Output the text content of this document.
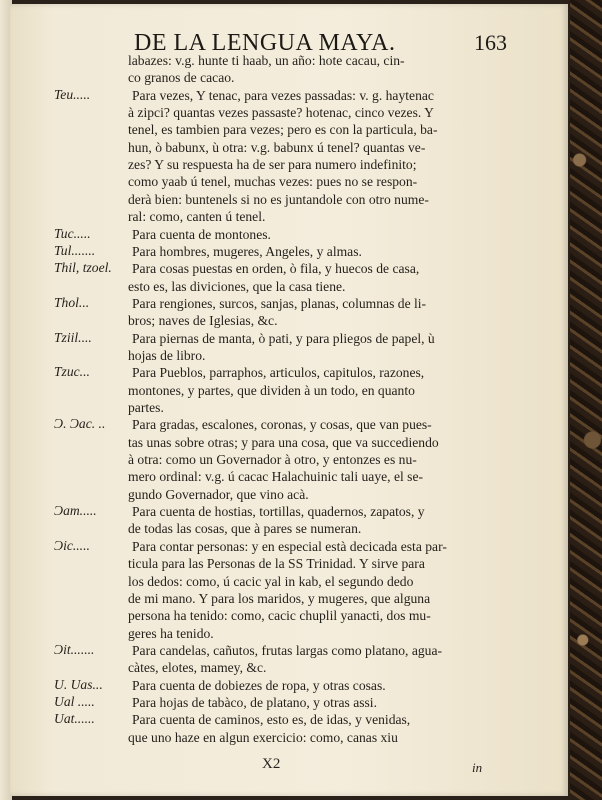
DE LA LENGUA MAYA.	163
labazes: v.g. hunte ti haab, un año: hote cacau, cin-
co granos de cacao.
Teu.....	Para vezes, Y tenac, para vezes passadas: v. g. haytenac
à zipci? quantas vezes passaste? hotenac, cinco vezes. Y
tenel, es tambien para vezes; pero es con la particula, ba-
hun, ò babunx, ù otra: v.g. babunx ú tenel? quantas ve-
zes? Y su respuesta ha de ser para numero indefinito;
como yaab ú tenel, muchas vezes: pues no se respon-
derà bien: buntenels si no es juntandole con otro nume-
ral: como, canten ú tenel.
Tuc.....	Para cuenta de montones.
Tul.......	Para hombres, mugeres, Angeles, y almas.
Thil, tzoel. Para cosas puestas en orden, ò fila, y huecos de casa,
esto es, las diviciones, que la casa tiene.
Thol...	Para rengiones, surcos, sanjas, planas, columnas de li-
bros; naves de Iglesias, &c.
Tziil....	Para piernas de manta, ò pati, y para pliegos de papel, ù
hojas de libro.
Tzuc...	Para Pueblos, parraphos, articulos, capitulos, razones,
montones, y partes, que dividen à un todo, en quanto
partes.
Ɔ. Ɔac. .. Para gradas, escalones, coronas, y cosas, que van pues-
tas unas sobre otras; y para una cosa, que va succediendo
à otra: como un Governador à otro, y entonzes es nu-
mero ordinal: v.g. ú cacac Halachuinic tali uaye, el se-
gundo Governador, que vino acà.
Ɔam.....	Para cuenta de hostias, tortillas, quadernos, zapatos, y
de todas las cosas, que à pares se numeran.
Ɔic.....	Para contar personas: y en especial està decicada esta par-
ticula para las Personas de la SS Trinidad. Y sirve para
los dedos: como, ú cacic yal in kab, el segundo dedo
de mi mano. Y para los maridos, y mugeres, que alguna
persona ha tenido: como, cacic chuplil yanacti, dos mu-
geres ha tenido.
Ɔit.......	Para candelas, cañutos, frutas largas como platano, agua-
càtes, elotes, mamey, &c.
U. Uas... Para cuenta de dobiezes de ropa, y otras cosas.
Ual .....	Para hojas de tabàco, de platano, y otras assi.
Uat......	Para cuenta de caminos, esto es, de idas, y venidas,
que uno haze en algun exercicio: como, canas xiu
X2	in
